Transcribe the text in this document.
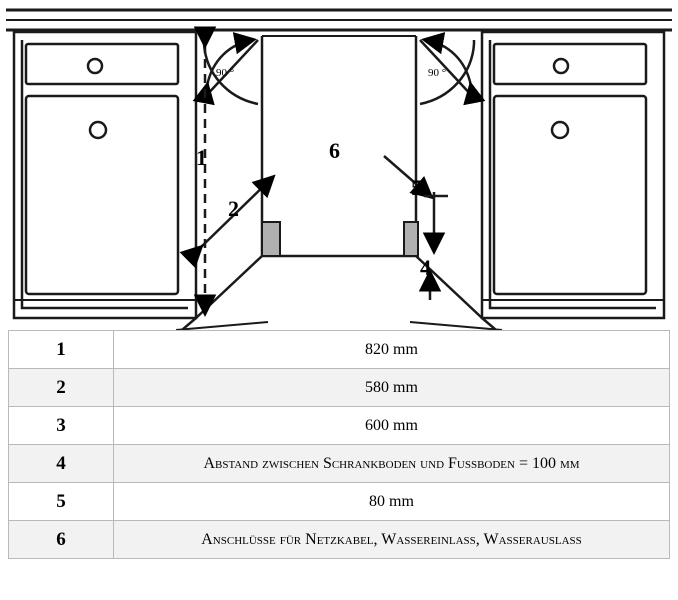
1
2
4
5
6
90 °	90 °
1	820 mm
2	580 mm
3	600 mm
4	Abstand zwischen Schrankboden und Fußboden = 100 mm
5	80 mm
6	Anschlüsse für Netzkabel, Wassereinlass, Wasserauslass
